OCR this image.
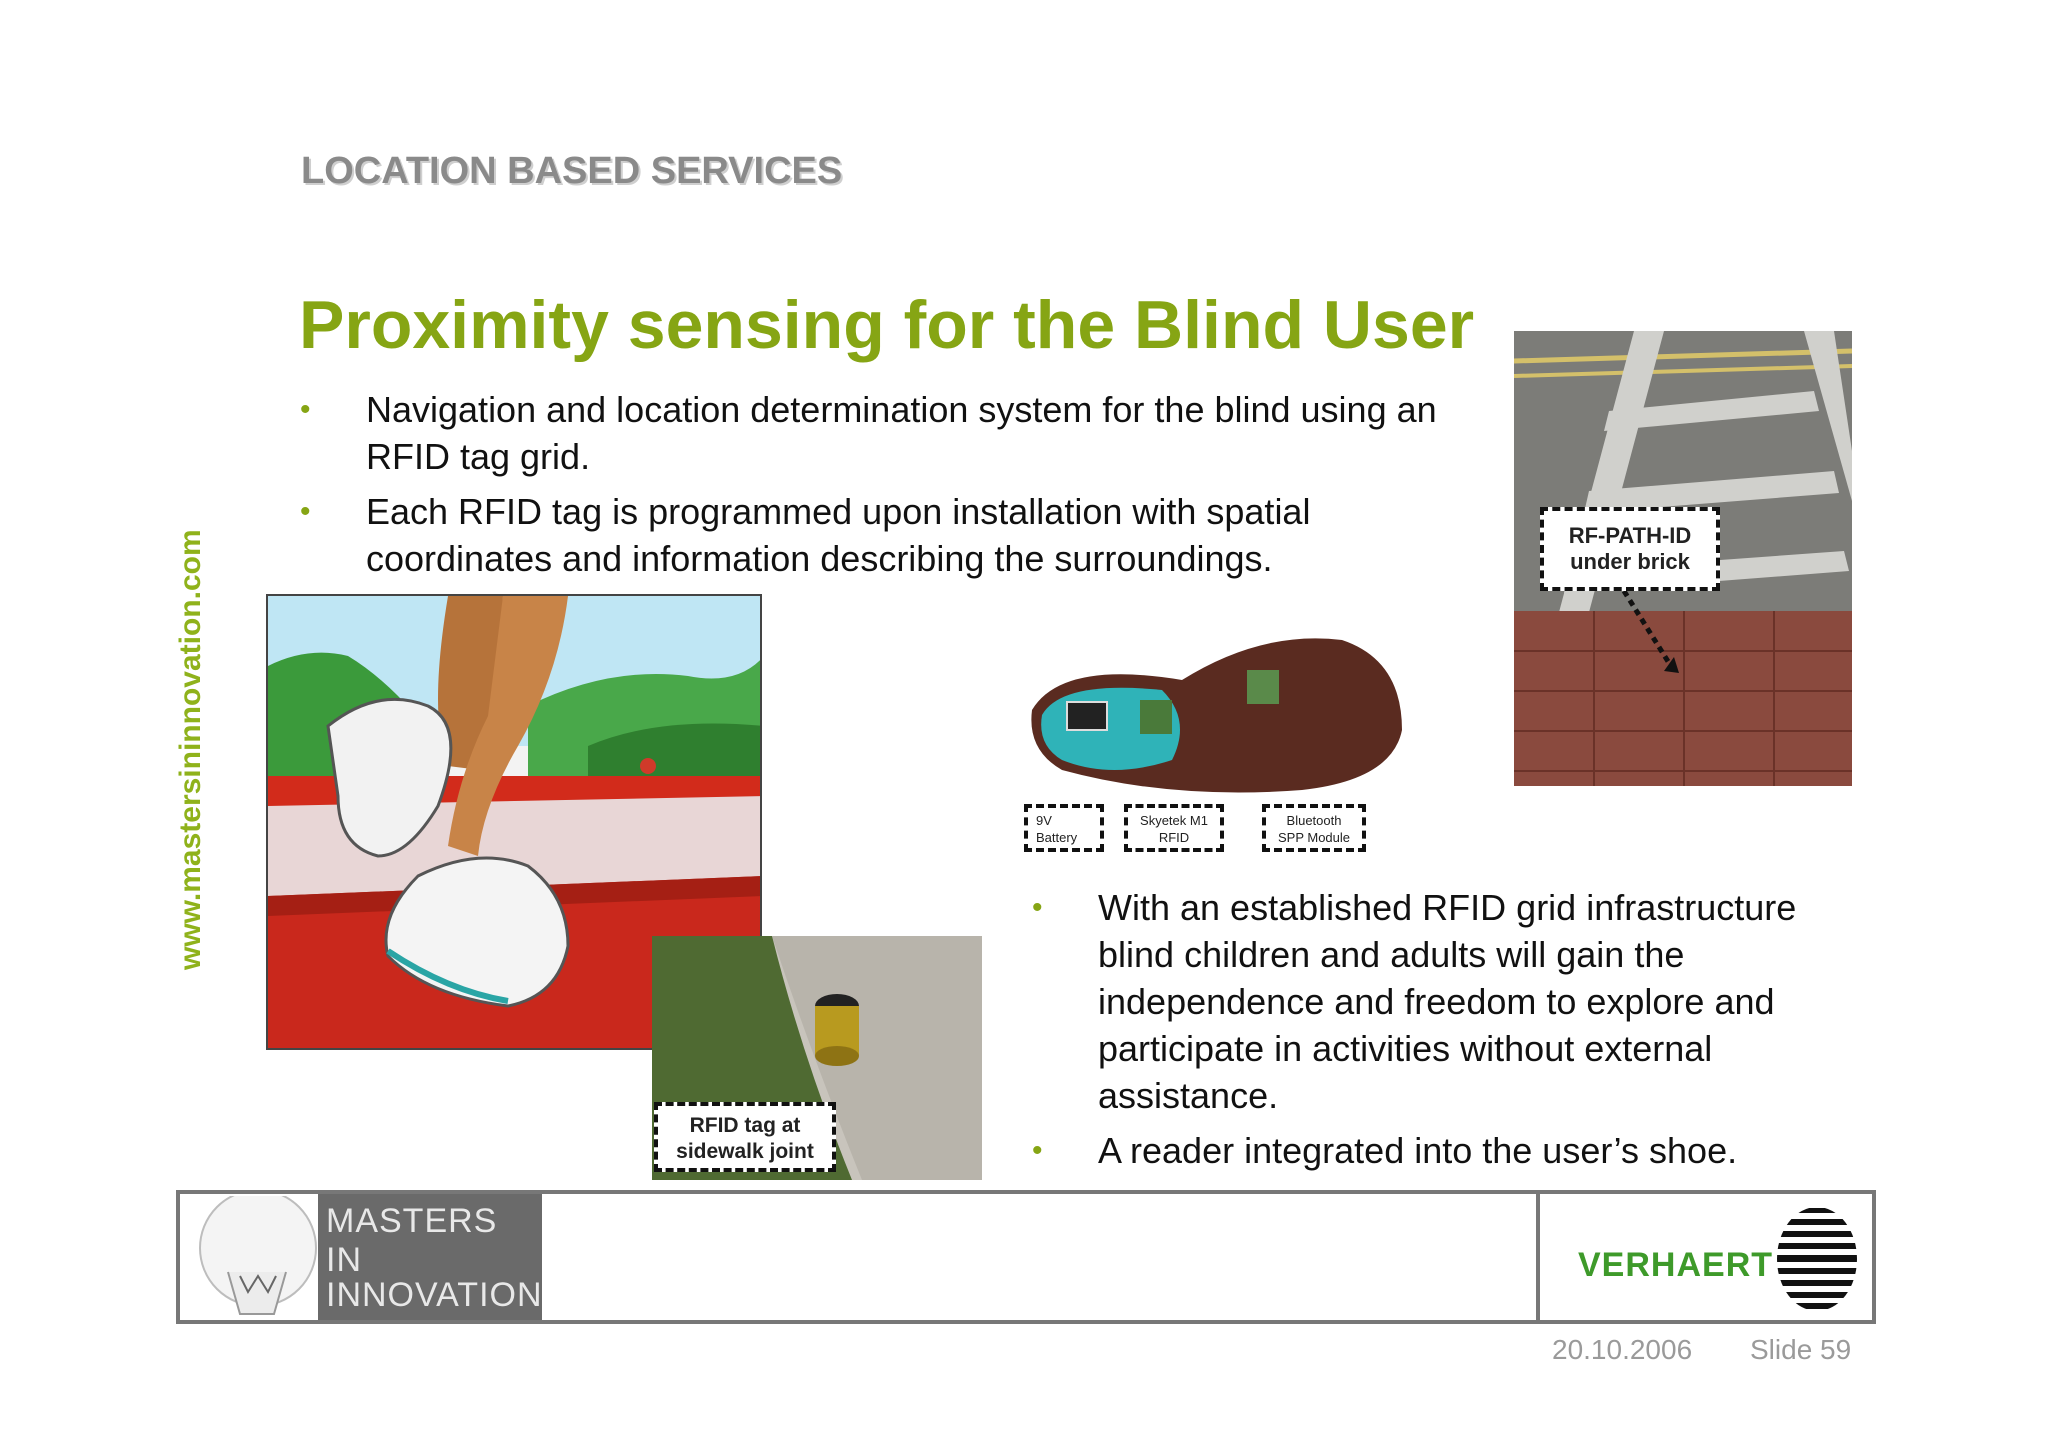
LOCATION BASED SERVICES
Proximity sensing for the Blind User
www.mastersininnovation.com
• Navigation and location determination system for the blind using an RFID tag grid.
• Each RFID tag is programmed upon installation with spatial coordinates and information describing the surroundings.
RFID tag at
sidewalk joint
9V
Battery
Skyetek M1
RFID
Bluetooth
SPP Module
RF-PATH-ID
under brick
• With an established RFID grid infrastructure blind children and adults will gain the independence and freedom to explore and participate in activities without external assistance.
• A reader integrated into the user’s shoe.
MASTERS IN
INNOVATION
VERHAERT
20.10.2006 Slide 59
